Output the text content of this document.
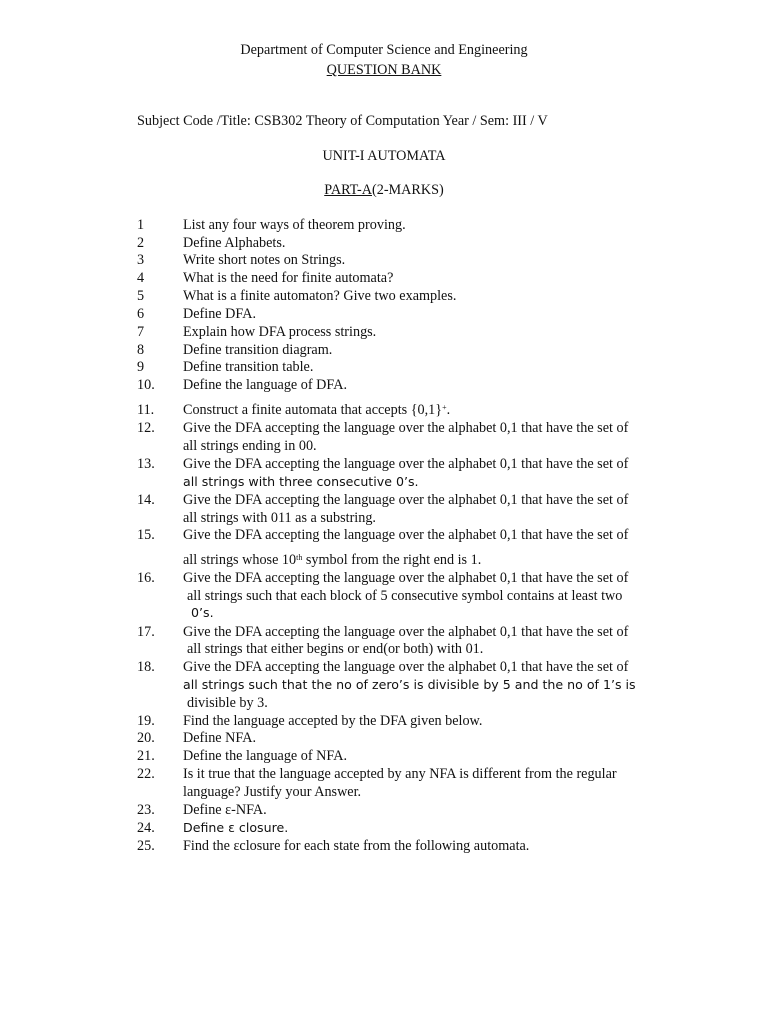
Department of Computer Science and Engineering
QUESTION BANK
Subject Code /Title: CSB302 Theory of Computation Year / Sem: III / V
UNIT-I AUTOMATA
PART-A(2-MARKS)
1	List any four ways of theorem proving.
2	Define Alphabets.
3	Write short notes on Strings.
4	What is the need for finite automata?
5	What is a finite automaton? Give two examples.
6	Define DFA.
7	Explain how DFA process strings.
8	Define transition diagram.
9	Define transition table.
10. Define the language of DFA.
11. Construct a finite automata that accepts {0,1}+.
12. Give the DFA accepting the language over the alphabet 0,1 that have the set of
all strings ending in 00.
13. Give the DFA accepting the language over the alphabet 0,1 that have the set of
all strings with three consecutive 0’s.
14. Give the DFA accepting the language over the alphabet 0,1 that have the set of
all strings with 011 as a substring.
15. Give the DFA accepting the language over the alphabet 0,1 that have the set of
all strings whose 10th symbol from the right end is 1.
16. Give the DFA accepting the language over the alphabet 0,1 that have the set of
all strings such that each block of 5 consecutive symbol contains at least two
0’s.
17. Give the DFA accepting the language over the alphabet 0,1 that have the set of
all strings that either begins or end(or both) with 01.
18. Give the DFA accepting the language over the alphabet 0,1 that have the set of
all strings such that the no of zero’s is divisible by 5 and the no of 1’s is
divisible by 3.
19. Find the language accepted by the DFA given below.
20. Define NFA.
21. Define the language of NFA.
22. Is it true that the language accepted by any NFA is different from the regular
language? Justify your Answer.
23. Define ε-NFA.
24. Define ε closure.
25. Find the εclosure for each state from the following automata.
